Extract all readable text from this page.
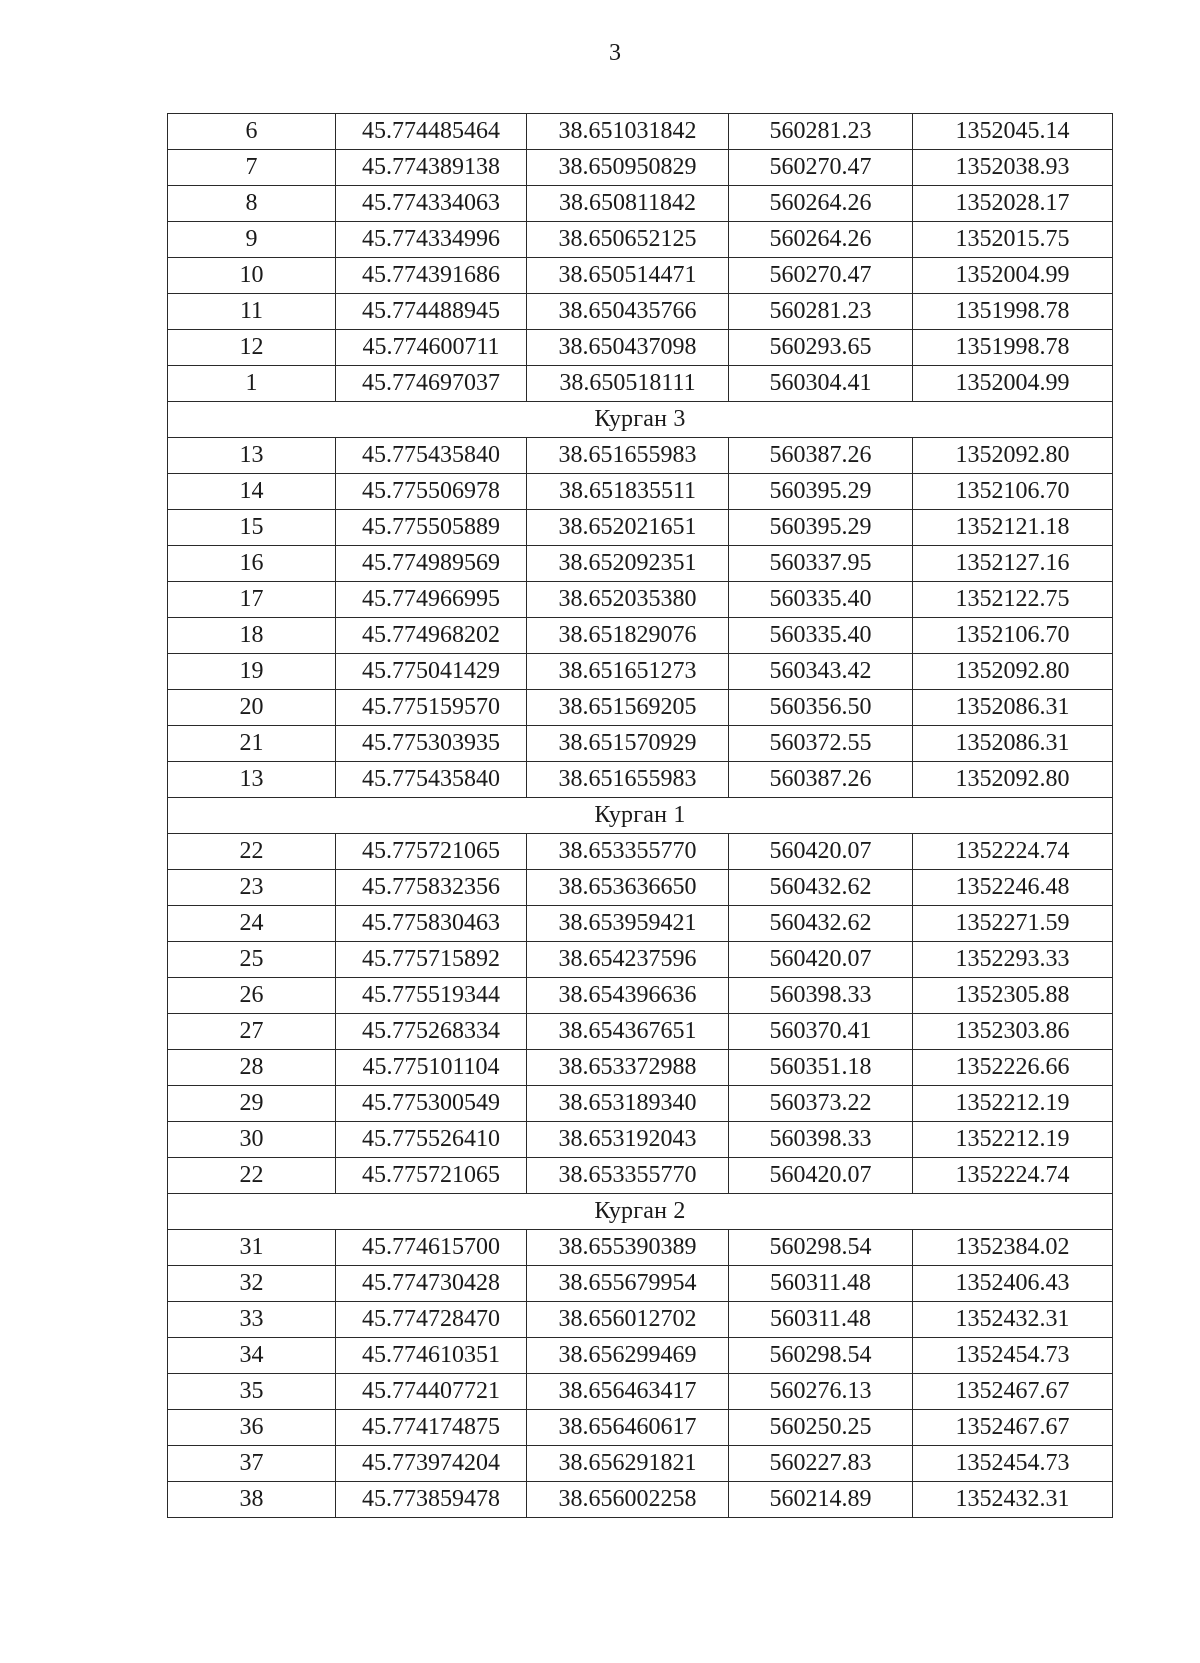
3
6	45.774485464	38.651031842	560281.23	1352045.14
7	45.774389138	38.650950829	560270.47	1352038.93
8	45.774334063	38.650811842	560264.26	1352028.17
9	45.774334996	38.650652125	560264.26	1352015.75
10	45.774391686	38.650514471	560270.47	1352004.99
11	45.774488945	38.650435766	560281.23	1351998.78
12	45.774600711	38.650437098	560293.65	1351998.78
1	45.774697037	38.650518111	560304.41	1352004.99
Курган 3				
13	45.775435840	38.651655983	560387.26	1352092.80
14	45.775506978	38.651835511	560395.29	1352106.70
15	45.775505889	38.652021651	560395.29	1352121.18
16	45.774989569	38.652092351	560337.95	1352127.16
17	45.774966995	38.652035380	560335.40	1352122.75
18	45.774968202	38.651829076	560335.40	1352106.70
19	45.775041429	38.651651273	560343.42	1352092.80
20	45.775159570	38.651569205	560356.50	1352086.31
21	45.775303935	38.651570929	560372.55	1352086.31
13	45.775435840	38.651655983	560387.26	1352092.80
Курган 1				
22	45.775721065	38.653355770	560420.07	1352224.74
23	45.775832356	38.653636650	560432.62	1352246.48
24	45.775830463	38.653959421	560432.62	1352271.59
25	45.775715892	38.654237596	560420.07	1352293.33
26	45.775519344	38.654396636	560398.33	1352305.88
27	45.775268334	38.654367651	560370.41	1352303.86
28	45.775101104	38.653372988	560351.18	1352226.66
29	45.775300549	38.653189340	560373.22	1352212.19
30	45.775526410	38.653192043	560398.33	1352212.19
22	45.775721065	38.653355770	560420.07	1352224.74
Курган 2				
31	45.774615700	38.655390389	560298.54	1352384.02
32	45.774730428	38.655679954	560311.48	1352406.43
33	45.774728470	38.656012702	560311.48	1352432.31
34	45.774610351	38.656299469	560298.54	1352454.73
35	45.774407721	38.656463417	560276.13	1352467.67
36	45.774174875	38.656460617	560250.25	1352467.67
37	45.773974204	38.656291821	560227.83	1352454.73
38	45.773859478	38.656002258	560214.89	1352432.31
